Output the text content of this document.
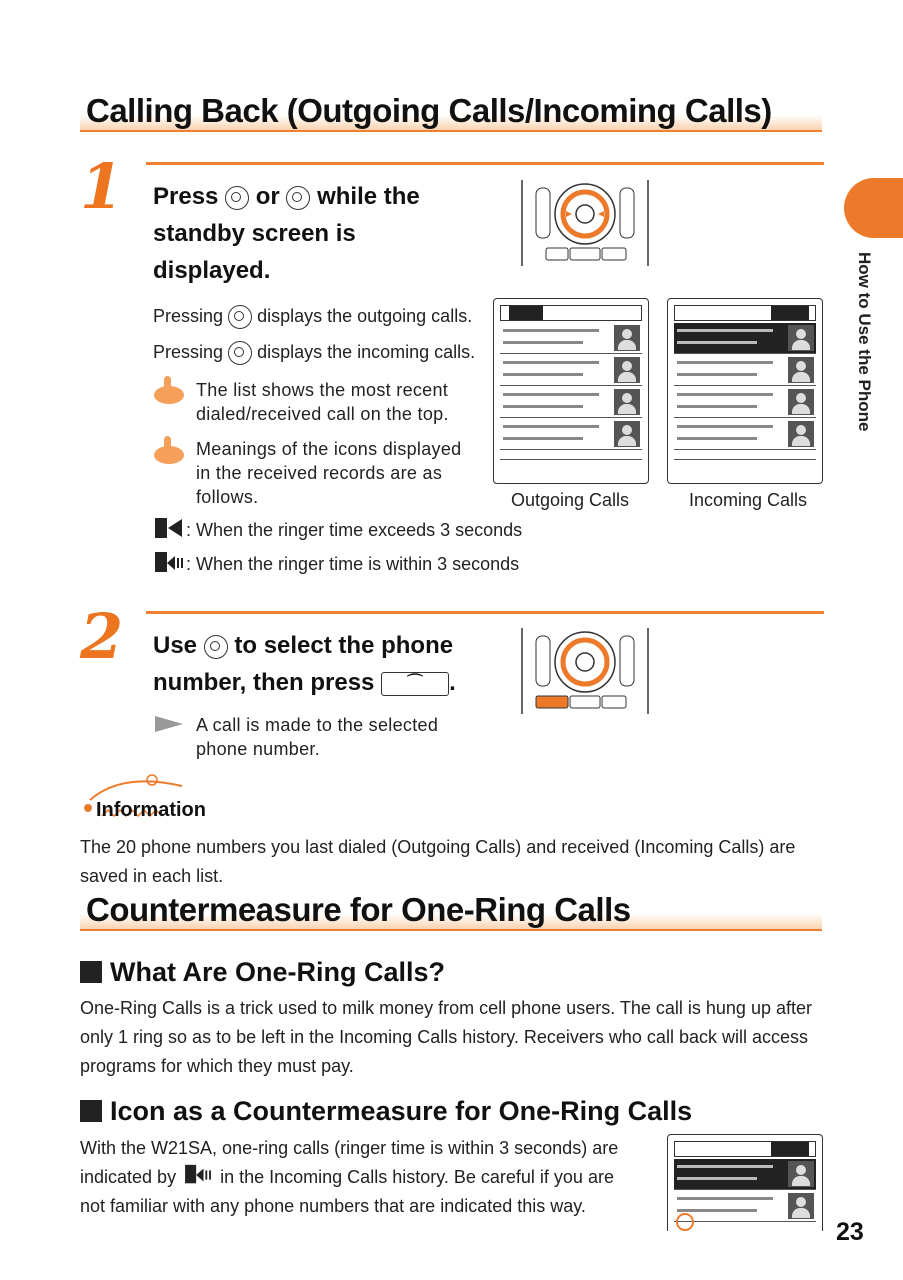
Calling Back (Outgoing Calls/Incoming Calls)
How to Use the Phone
1 Press or while the
standby screen is
displayed.
Pressing displays the outgoing calls.
Pressing displays the incoming calls.
The list shows the most recent dialed/received call on the top.
Meanings of the icons displayed in the received records are as follows.
: When the ringer time exceeds 3 seconds
: When the ringer time is within 3 seconds
Outgoing Calls	Incoming Calls
2 Use to select the phone
number, then press ⌒ .
A call is made to the selected phone number.
Information
The 20 phone numbers you last dialed (Outgoing Calls) and received (Incoming Calls) are saved in each list.
Countermeasure for One-Ring Calls
What Are One-Ring Calls?
One-Ring Calls is a trick used to milk money from cell phone users. The call is hung up after only 1 ring so as to be left in the Incoming Calls history. Receivers who call back will access programs for which they must pay.
Icon as a Countermeasure for One-Ring Calls
With the W21SA, one-ring calls (ringer time is within 3 seconds) are
indicated by in the Incoming Calls history. Be careful if you are
not familiar with any phone numbers that are indicated this way.
23
